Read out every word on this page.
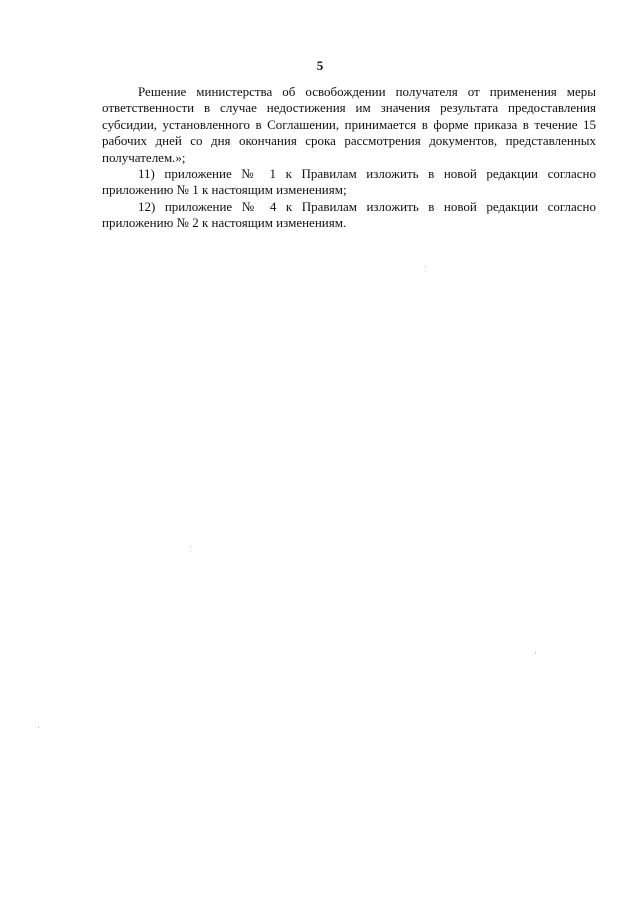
5

Решение министерства об освобождении получателя от применения меры ответственности в случае недостижения им значения результата предоставления субсидии, установленного в Соглашении, принимается в форме приказа в течение 15 рабочих дней со дня окончания срока рассмотрения документов, представленных получателем.»;

11) приложение № 1 к Правилам изложить в новой редакции согласно приложению № 1 к настоящим изменениям;

12) приложение № 4 к Правилам изложить в новой редакции согласно приложению № 2 к настоящим изменениям.
